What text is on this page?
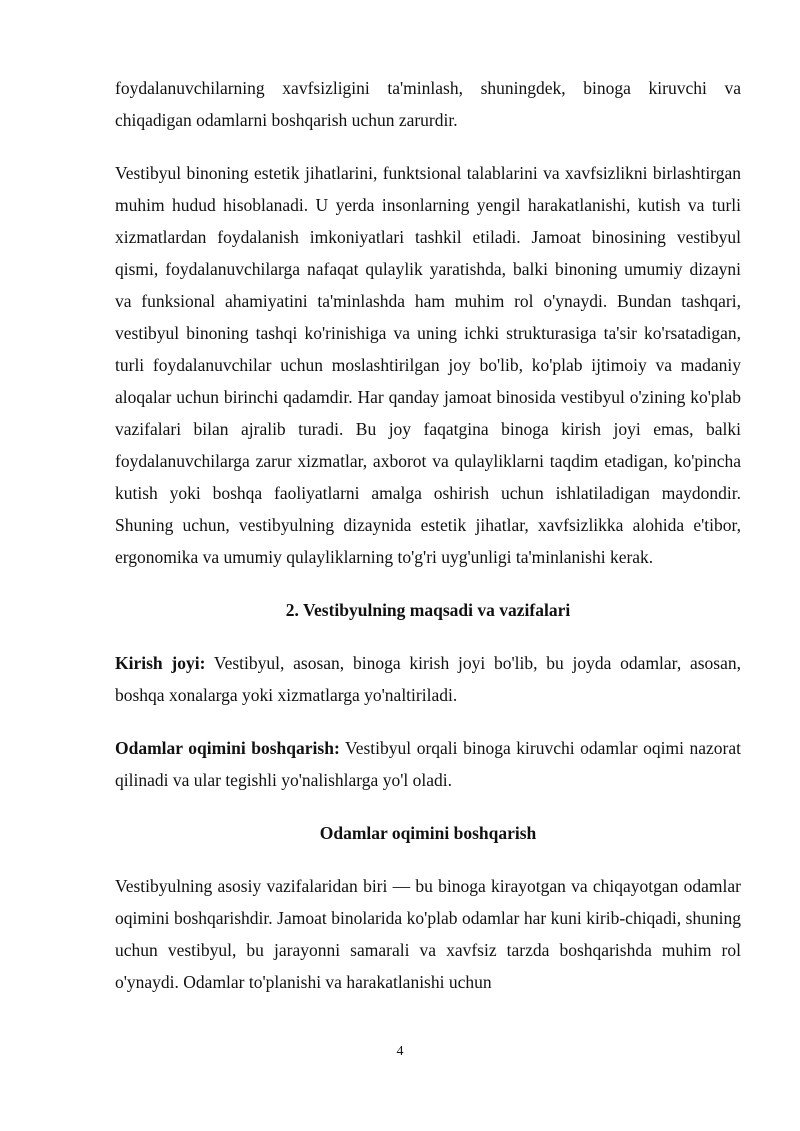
foydalanuvchilarning xavfsizligini ta'minlash, shuningdek, binoga kiruvchi va chiqadigan odamlarni boshqarish uchun zarurdir.

Vestibyul binoning estetik jihatlarini, funktsional talablarini va xavfsizlikni birlashtirgan muhim hudud hisoblanadi. U yerda insonlarning yengil harakatlanishi, kutish va turli xizmatlardan foydalanish imkoniyatlari tashkil etiladi. Jamoat binosining vestibyul qismi, foydalanuvchilarga nafaqat qulaylik yaratishda, balki binoning umumiy dizayni va funksional ahamiyatini ta'minlashda ham muhim rol o'ynaydi. Bundan tashqari, vestibyul binoning tashqi ko'rinishiga va uning ichki strukturasiga ta'sir ko'rsatadigan, turli foydalanuvchilar uchun moslashtirilgan joy bo'lib, ko'plab ijtimoiy va madaniy aloqalar uchun birinchi qadamdir. Har qanday jamoat binosida vestibyul o'zining ko'plab vazifalari bilan ajralib turadi. Bu joy faqatgina binoga kirish joyi emas, balki foydalanuvchilarga zarur xizmatlar, axborot va qulayliklarni taqdim etadigan, ko'pincha kutish yoki boshqa faoliyatlarni amalga oshirish uchun ishlatiladigan maydondir. Shuning uchun, vestibyulning dizaynida estetik jihatlar, xavfsizlikka alohida e'tibor, ergonomika va umumiy qulayliklarning to'g'ri uyg'unligi ta'minlanishi kerak.

2. Vestibyulning maqsadi va vazifalari

Kirish joyi: Vestibyul, asosan, binoga kirish joyi bo'lib, bu joyda odamlar, asosan, boshqa xonalarga yoki xizmatlarga yo'naltiriladi.

Odamlar oqimini boshqarish: Vestibyul orqali binoga kiruvchi odamlar oqimi nazorat qilinadi va ular tegishli yo'nalishlarga yo'l oladi.

Odamlar oqimini boshqarish

Vestibyulning asosiy vazifalaridan biri — bu binoga kirayotgan va chiqayotgan odamlar oqimini boshqarishdir. Jamoat binolarida ko'plab odamlar har kuni kirib-chiqadi, shuning uchun vestibyul, bu jarayonni samarali va xavfsiz tarzda boshqarishda muhim rol o'ynaydi. Odamlar to'planishi va harakatlanishi uchun

4
